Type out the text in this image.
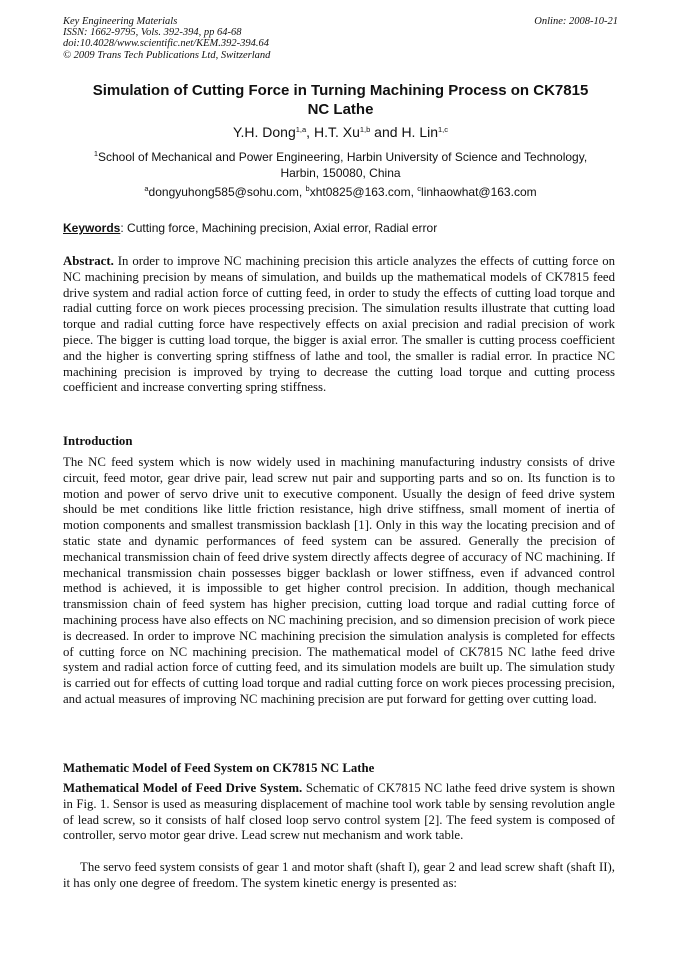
Key Engineering Materials
ISSN: 1662-9795, Vols. 392-394, pp 64-68
doi:10.4028/www.scientific.net/KEM.392-394.64
© 2009 Trans Tech Publications Ltd, Switzerland
Online: 2008-10-21
Simulation of Cutting Force in Turning Machining Process on CK7815
NC Lathe
Y.H. Dong$^{1,a}$, H.T. Xu$^{1,b}$ and H. Lin$^{1,c}$
$^1$School of Mechanical and Power Engineering, Harbin University of Science and Technology,
Harbin, 150080, China
$^a$dongyuhong585@sohu.com, $^b$xht0825@163.com, $^c$linhaowhat@163.com
Keywords: Cutting force, Machining precision, Axial error, Radial error

Abstract. In order to improve NC machining precision this article analyzes the effects of cutting force on NC machining precision by means of simulation, and builds up the mathematical models of CK7815 feed drive system and radial action force of cutting feed, in order to study the effects of cutting load torque and radial cutting force on work pieces processing precision. The simulation results illustrate that cutting load torque and radial cutting force have respectively effects on axial precision and radial precision of work piece. The bigger is cutting load torque, the bigger is axial error. The smaller is cutting process coefficient and the higher is converting spring stiffness of lathe and tool, the smaller is radial error. In practice NC machining precision is improved by trying to decrease the cutting load torque and cutting process coefficient and increase converting spring stiffness.

Introduction

The NC feed system which is now widely used in machining manufacturing industry consists of drive circuit, feed motor, gear drive pair, lead screw nut pair and supporting parts and so on. Its function is to motion and power of servo drive unit to executive component. Usually the design of feed drive system should be met conditions like little friction resistance, high drive stiffness, small moment of inertia of motion components and smallest transmission backlash [1]. Only in this way the locating precision and of static state and dynamic performances of feed system can be assured. Generally the precision of mechanical transmission chain of feed drive system directly affects degree of accuracy of NC machining. If mechanical transmission chain possesses bigger backlash or lower stiffness, even if advanced control method is achieved, it is impossible to get higher control precision. In addition, though mechanical transmission chain of feed system has higher precision, cutting load torque and radial cutting force of machining process have also effects on NC machining precision, and so dimension precision of work piece is decreased. In order to improve NC machining precision the simulation analysis is completed for effects of cutting force on NC machining precision. The mathematical model of CK7815 NC lathe feed drive system and radial action force of cutting feed, and its simulation models are built up. The simulation study is carried out for effects of cutting load torque and radial cutting force on work pieces processing precision, and actual measures of improving NC machining precision are put forward for getting over cutting load.

Mathematic Model of Feed System on CK7815 NC Lathe

Mathematical Model of Feed Drive System. Schematic of CK7815 NC lathe feed drive system is shown in Fig. 1. Sensor is used as measuring displacement of machine tool work table by sensing revolution angle of lead screw, so it consists of half closed loop servo control system [2]. The feed system is composed of controller, servo motor gear drive. Lead screw nut mechanism and work table.

The servo feed system consists of gear 1 and motor shaft (shaft I), gear 2 and lead screw shaft (shaft II), it has only one degree of freedom. The system kinetic energy is presented as:
